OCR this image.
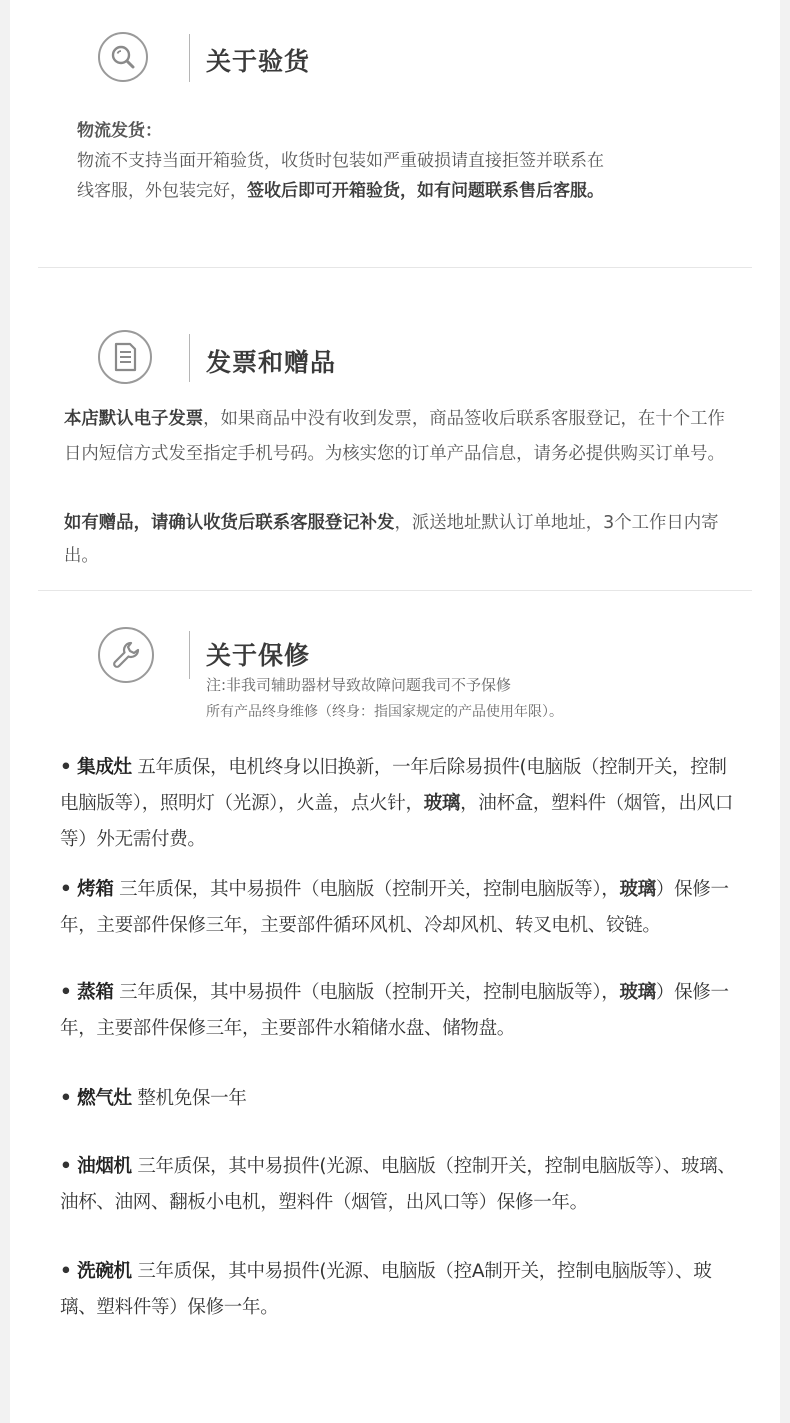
关于验货
物流发货：
物流不支持当面开箱验货，收货时包装如严重破损请直接拒签并联系在
线客服，外包装完好，签收后即可开箱验货，如有问题联系售后客服。
发票和赠品
本店默认电子发票，如果商品中没有收到发票，商品签收后联系客服登记，在十个工作日内短信方式发至指定手机号码。为核实您的订单产品信息，请务必提供购买订单号。
如有赠品，请确认收货后联系客服登记补发，派送地址默认订单地址，3个工作日内寄出。
关于保修
注:非我司辅助器材导致故障问题我司不予保修
所有产品终身维修（终身：指国家规定的产品使用年限）。
• 集成灶 五年质保，电机终身以旧换新，一年后除易损件(电脑版（控制开关，控制电脑版等），照明灯（光源），火盖，点火针，玻璃，油杯盒，塑料件（烟管，出风口等）外无需付费。
• 烤箱 三年质保，其中易损件（电脑版（控制开关，控制电脑版等），玻璃）保修一年，主要部件保修三年，主要部件循环风机、冷却风机、转叉电机、铰链。
• 蒸箱 三年质保，其中易损件（电脑版（控制开关，控制电脑版等），玻璃）保修一年，主要部件保修三年，主要部件水箱储水盘、储物盘。
• 燃气灶 整机免保一年
• 油烟机 三年质保，其中易损件(光源、电脑版（控制开关，控制电脑版等）、玻璃、油杯、油网、翻板小电机，塑料件（烟管，出风口等）保修一年。
• 洗碗机 三年质保，其中易损件(光源、电脑版（控A制开关，控制电脑版等）、玻璃、塑料件等）保修一年。
